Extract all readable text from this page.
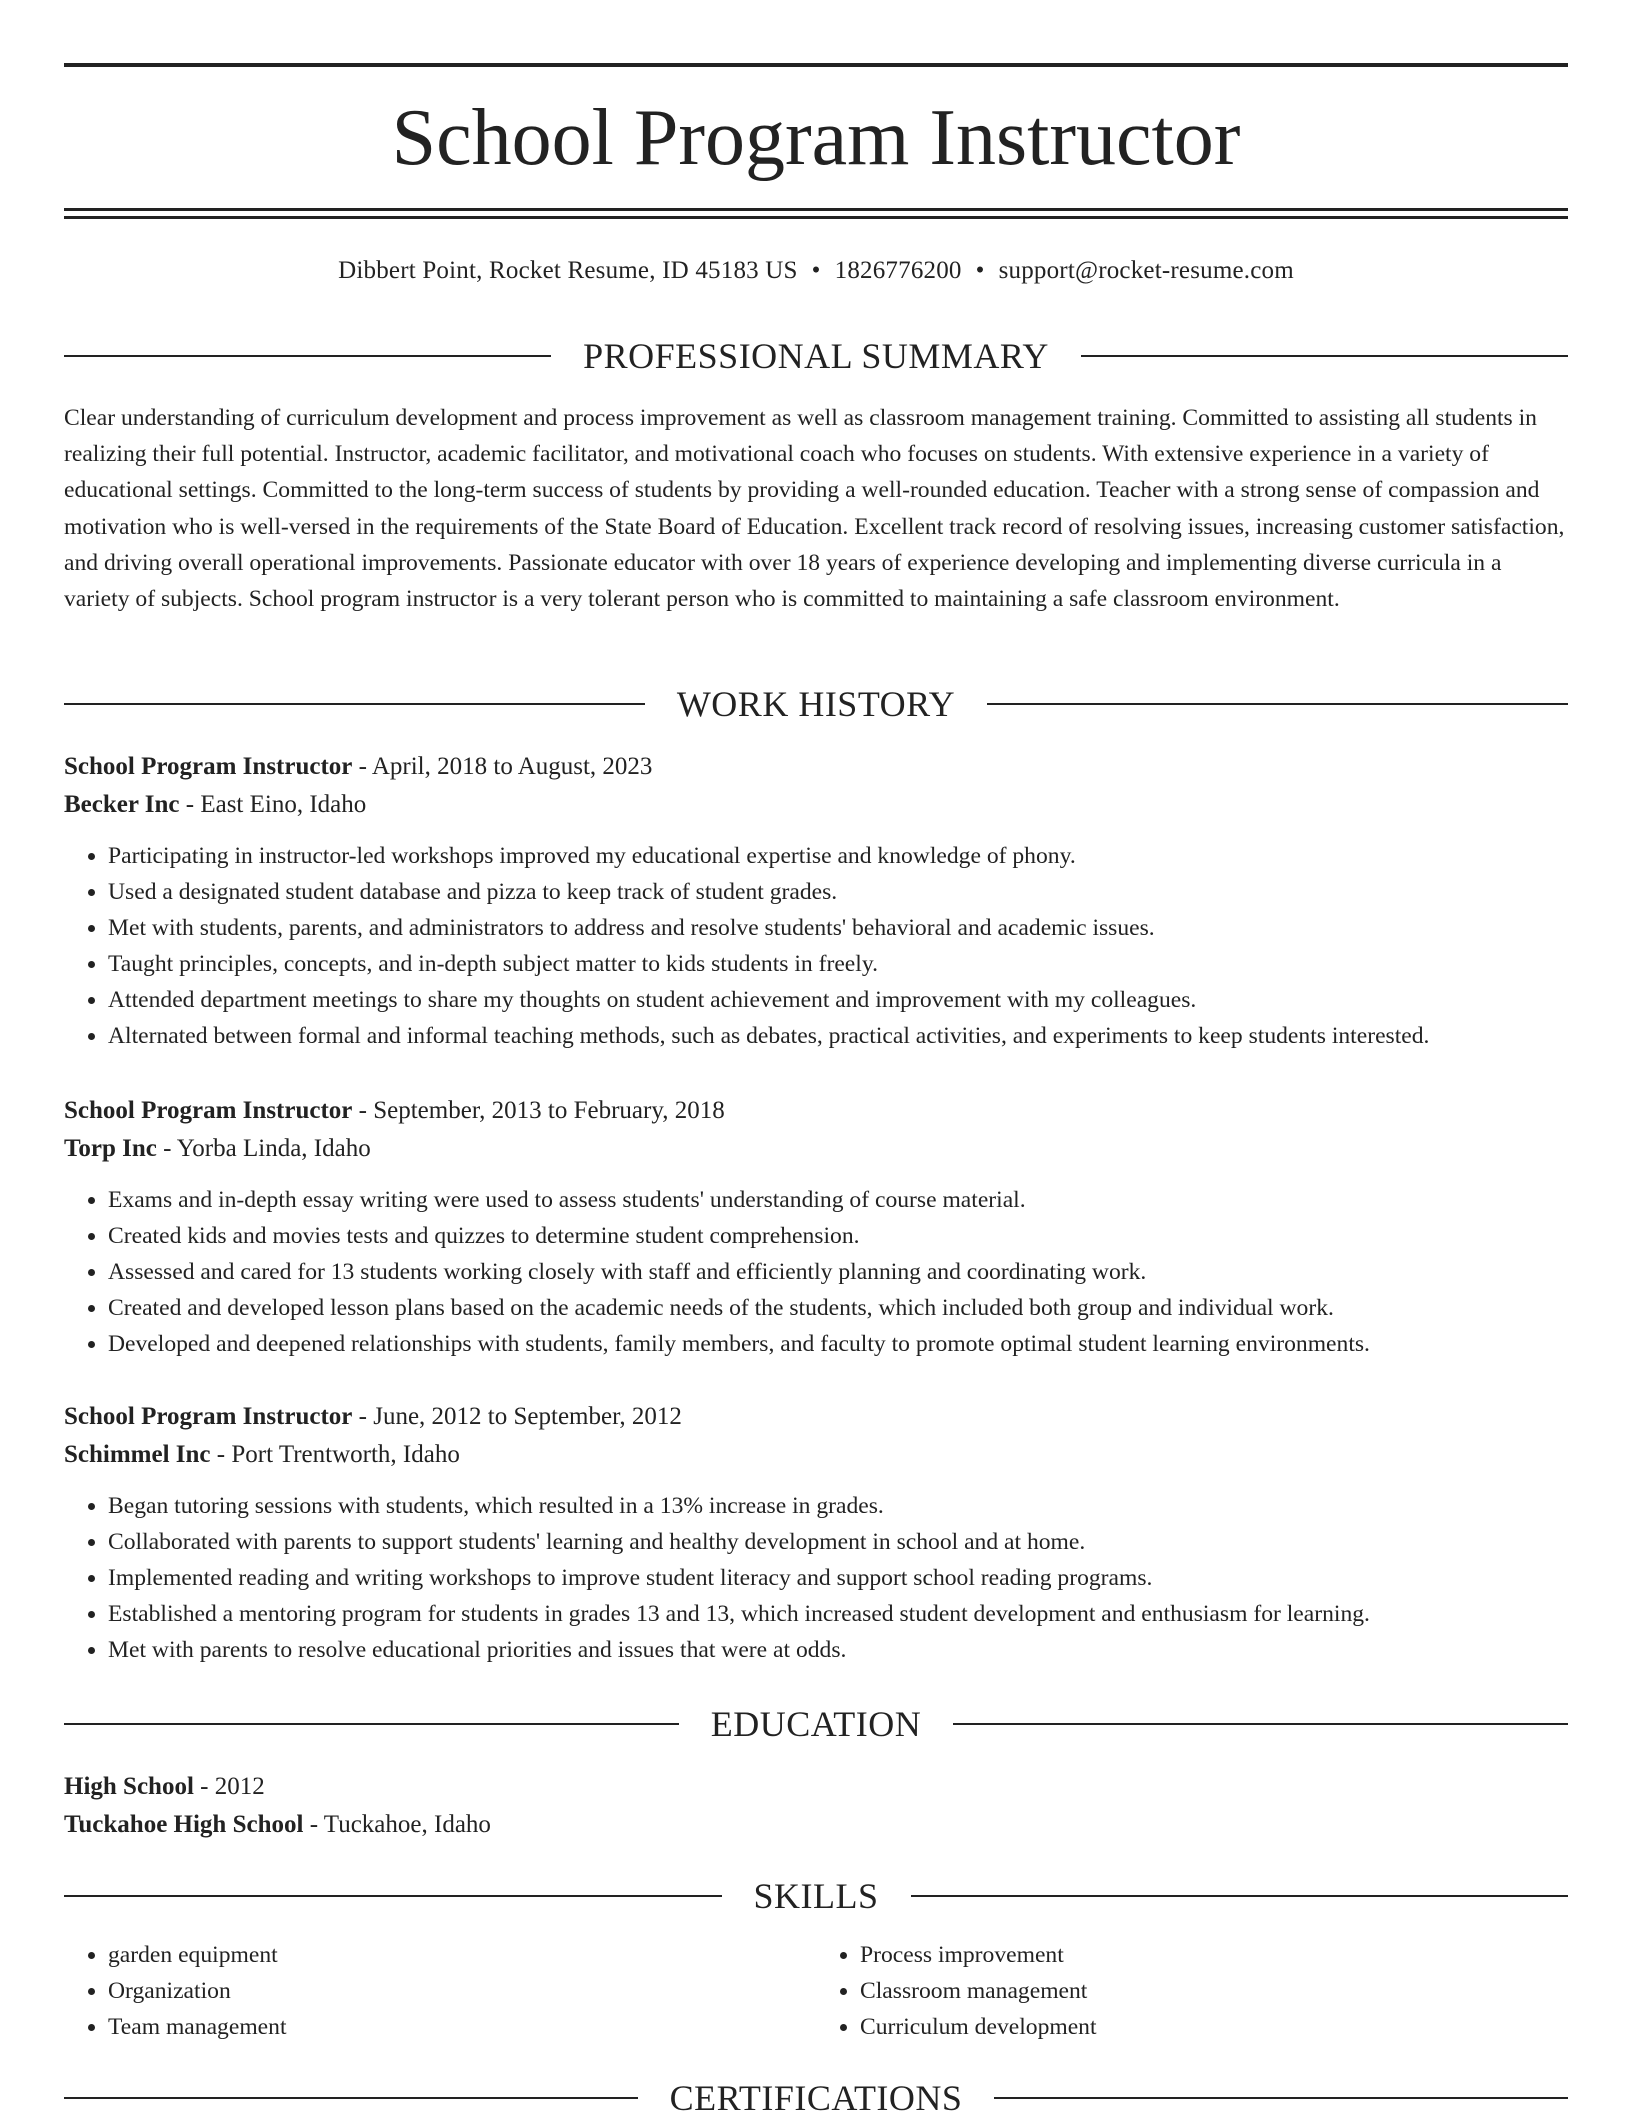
School Program Instructor
Dibbert Point, Rocket Resume, ID 45183 US • 1826776200 • support@rocket-resume.com
PROFESSIONAL SUMMARY

Clear understanding of curriculum development and process improvement as well as classroom management training. Committed to assisting all students in realizing their full potential. Instructor, academic facilitator, and motivational coach who focuses on students. With extensive experience in a variety of educational settings. Committed to the long-term success of students by providing a well-rounded education. Teacher with a strong sense of compassion and motivation who is well-versed in the requirements of the State Board of Education. Excellent track record of resolving issues, increasing customer satisfaction, and driving overall operational improvements. Passionate educator with over 18 years of experience developing and implementing diverse curricula in a variety of subjects. School program instructor is a very tolerant person who is committed to maintaining a safe classroom environment.

WORK HISTORY
School Program Instructor - April, 2018 to August, 2023
Becker Inc - East Eino, Idaho
• Participating in instructor-led workshops improved my educational expertise and knowledge of phony.
• Used a designated student database and pizza to keep track of student grades.
• Met with students, parents, and administrators to address and resolve students' behavioral and academic issues.
• Taught principles, concepts, and in-depth subject matter to kids students in freely.
• Attended department meetings to share my thoughts on student achievement and improvement with my colleagues.
• Alternated between formal and informal teaching methods, such as debates, practical activities, and experiments to keep students interested.
School Program Instructor - September, 2013 to February, 2018
Torp Inc - Yorba Linda, Idaho
• Exams and in-depth essay writing were used to assess students' understanding of course material.
• Created kids and movies tests and quizzes to determine student comprehension.
• Assessed and cared for 13 students working closely with staff and efficiently planning and coordinating work.
• Created and developed lesson plans based on the academic needs of the students, which included both group and individual work.
• Developed and deepened relationships with students, family members, and faculty to promote optimal student learning environments.
School Program Instructor - June, 2012 to September, 2012
Schimmel Inc - Port Trentworth, Idaho
• Began tutoring sessions with students, which resulted in a 13% increase in grades.
• Collaborated with parents to support students' learning and healthy development in school and at home.
• Implemented reading and writing workshops to improve student literacy and support school reading programs.
• Established a mentoring program for students in grades 13 and 13, which increased student development and enthusiasm for learning.
• Met with parents to resolve educational priorities and issues that were at odds.
EDUCATION
High School - 2012
Tuckahoe High School - Tuckahoe, Idaho
SKILLS
• garden equipment
• Organization
• Team management
• Process improvement
• Classroom management
• Curriculum development
CERTIFICATIONS
